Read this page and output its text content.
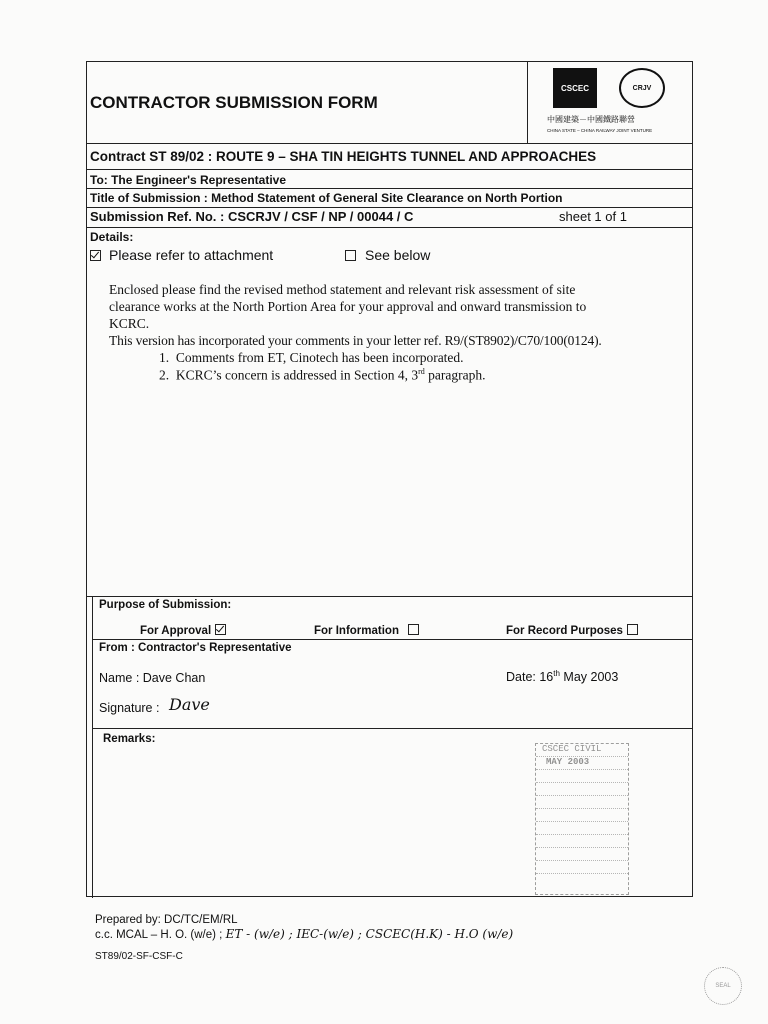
CONTRACTOR SUBMISSION FORM
CSCEC	CRJV
中國建築－中國鐵路聯營
CHINA STATE – CHINA RAILWAY JOINT VENTURE
Contract ST 89/02 : ROUTE 9 – SHA TIN HEIGHTS TUNNEL AND APPROACHES
To: The Engineer's Representative
Title of Submission : Method Statement of General Site Clearance on North Portion
Submission Ref. No. : CSCRJV / CSF / NP / 00044 / C	sheet 1 of 1
Details:
Please refer to attachment	See below
Enclosed please find the revised method statement and relevant risk assessment of site
clearance works at the North Portion Area for your approval and onward transmission to
KCRC.
This version has incorporated your comments in your letter ref. R9/(ST8902)/C70/100(0124).
1. Comments from ET, Cinotech has been incorporated.
2. KCRC’s concern is addressed in Section 4, 3rd paragraph.
Purpose of Submission:
For Approval	For Information	For Record Purposes
From : Contractor's Representative
Name : Dave Chan	Date: 16th May 2003
Signature : Dave
Remarks:
CSCEC CIVIL
MAY 2003
Prepared by: DC/TC/EM/RL
c.c. MCAL – H. O. (w/e) ; ET - (w/e) ; IEC-(w/e) ; CSCEC(H.K) - H.O (w/e)
ST89/02-SF-CSF-C
SEAL
